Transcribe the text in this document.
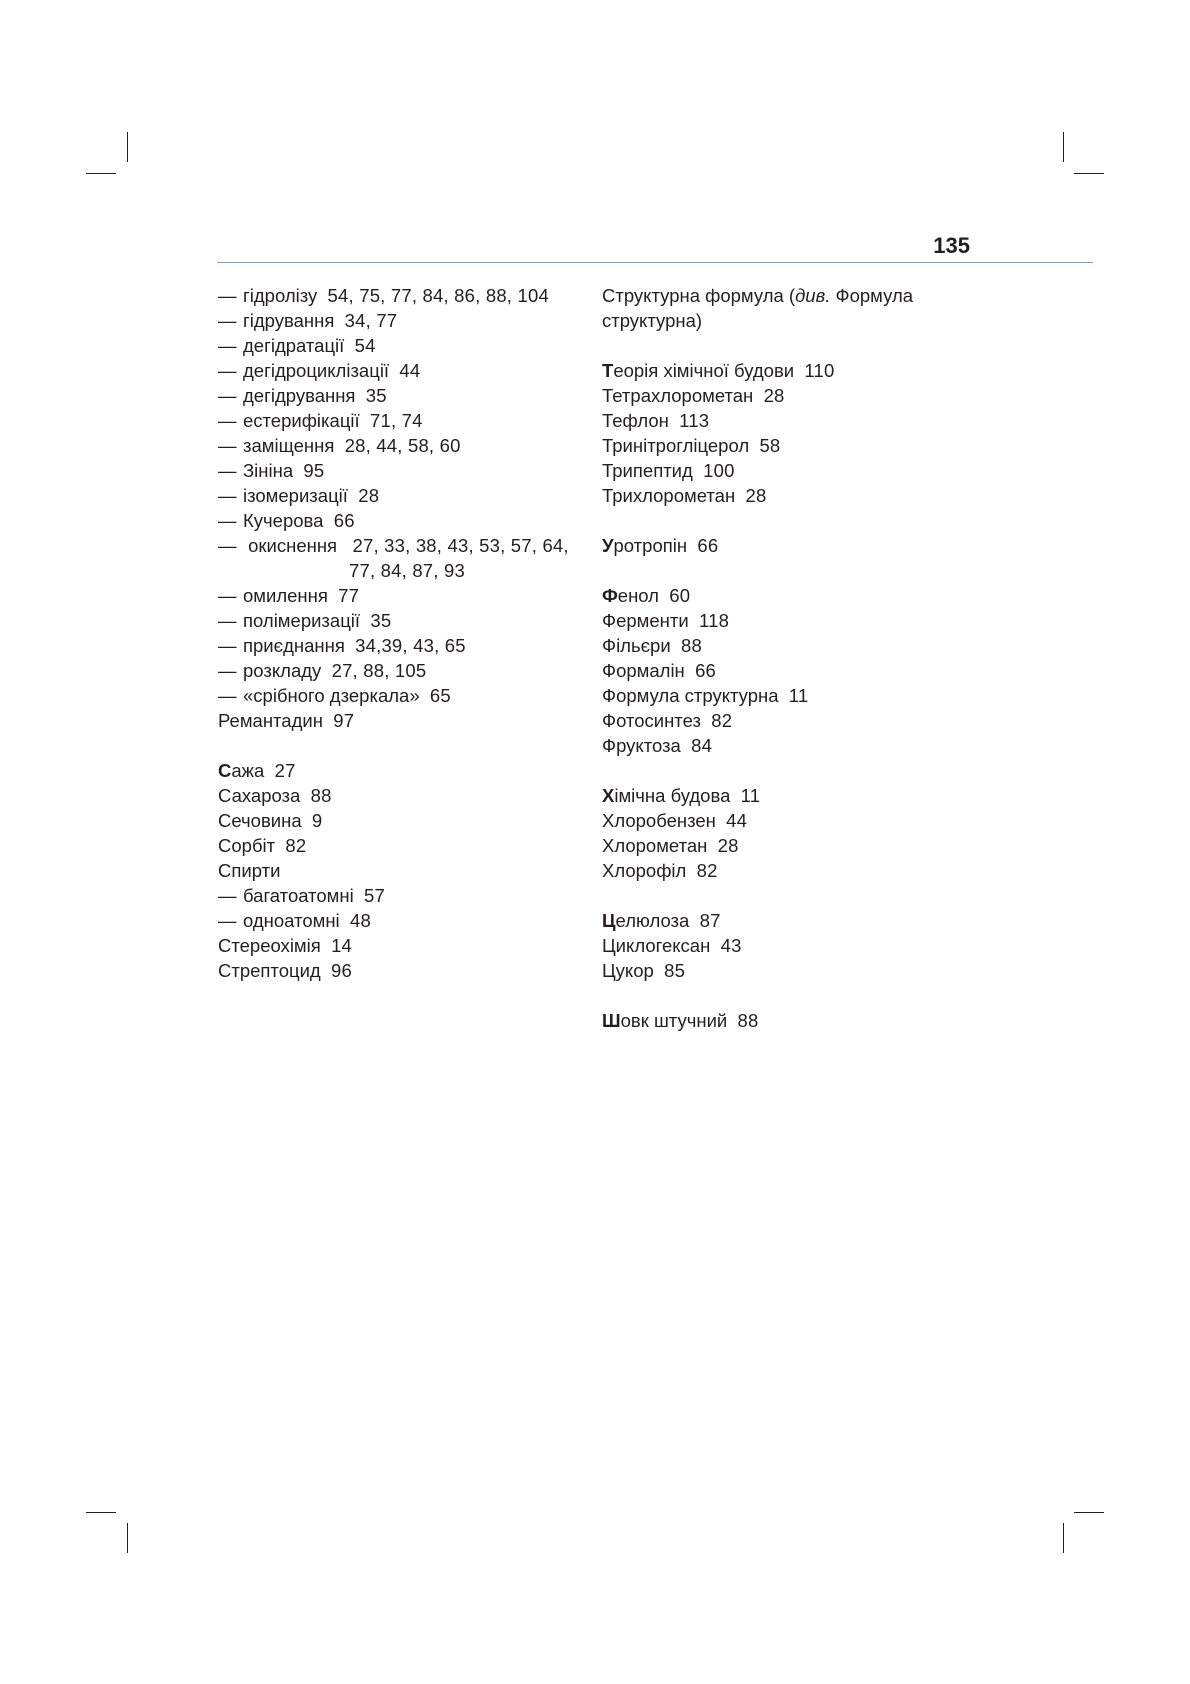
135
— гідролізу 54, 75, 77, 84, 86, 88, 104
— гідрування 34, 77
— дегідратації 54
— дегідроциклізації 44
— дегідрування 35
— естерифікації 71, 74
— заміщення 28, 44, 58, 60
— Зініна 95
— ізомеризації 28
— Кучерова 66
— окиснення 27, 33, 38, 43, 53, 57, 64,
77, 84, 87, 93
— омилення 77
— полімеризації 35
— приєднання 34,39, 43, 65
— розкладу 27, 88, 105
— «срібного дзеркала» 65
Ремантадин 97
Сажа 27
Сахароза 88
Сечовина 9
Сорбіт 82
Спирти
— багатоатомні 57
— одноатомні 48
Стереохімія 14
Стрептоцид 96
Структурна формула (див. Формула
структурна)
Теорія хімічної будови 110
Тетрахлорометан 28
Тефлон 113
Тринітрогліцерол 58
Трипептид 100
Трихлорометан 28
Уротропін 66
Фенол 60
Ферменти 118
Фільєри 88
Формалін 66
Формула структурна 11
Фотосинтез 82
Фруктоза 84
Хімічна будова 11
Хлоробензен 44
Хлорометан 28
Хлорофіл 82
Целюлоза 87
Циклогексан 43
Цукор 85
Шовк штучний 88
